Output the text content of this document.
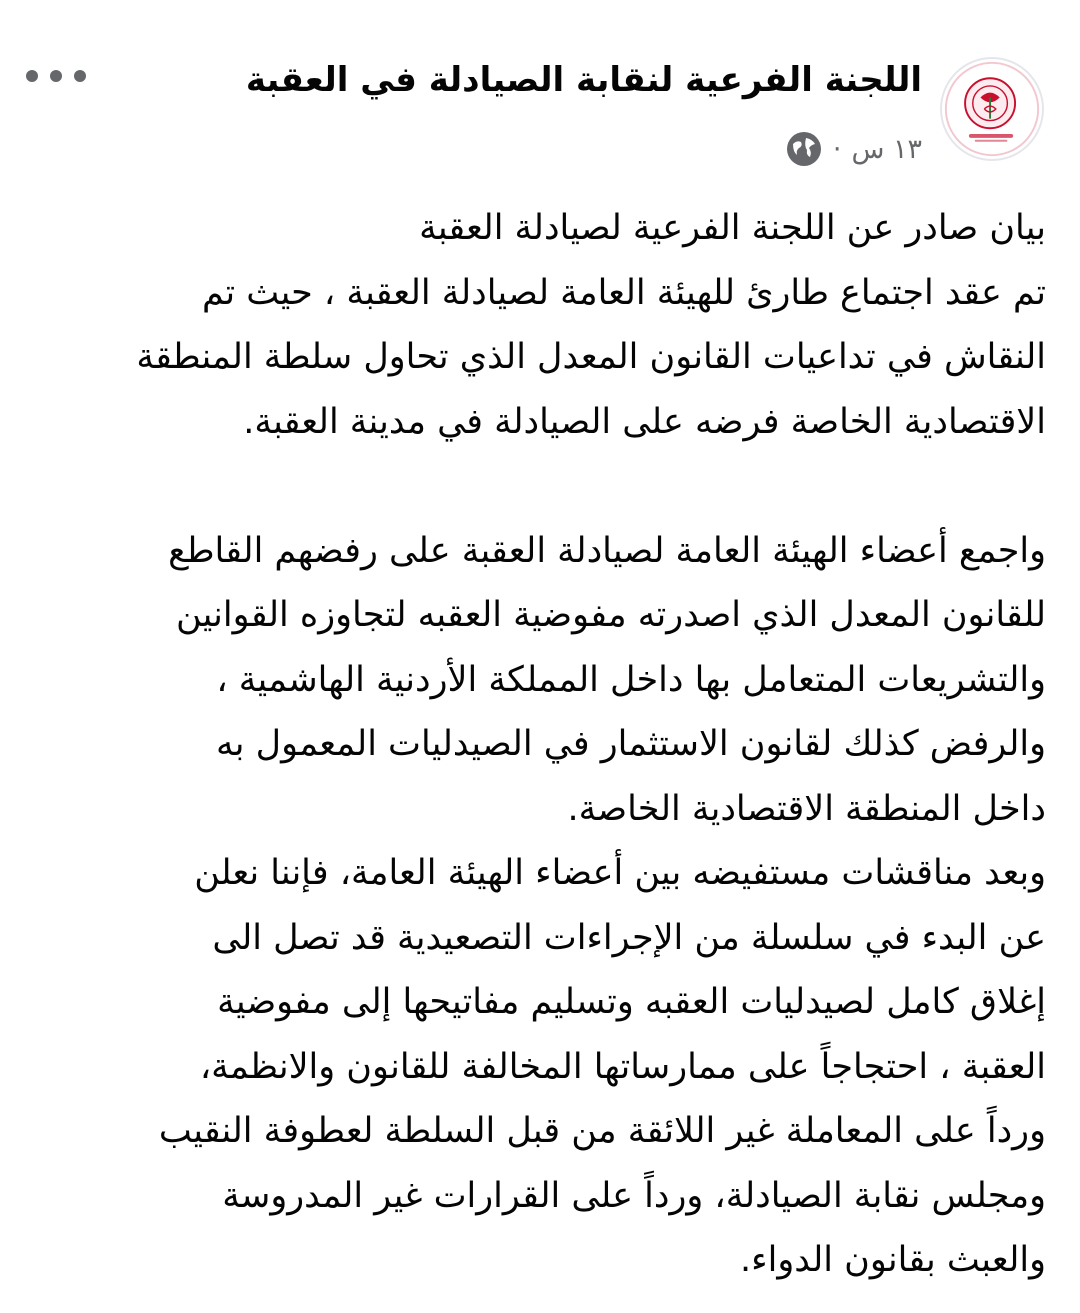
اللجنة الفرعية لنقابة الصيادلة في العقبة
١٣ س
·

بيان صادر عن اللجنة الفرعية لصيادلة العقبة

تم عقد اجتماع طارئ للهيئة العامة لصيادلة العقبة ، حيث تم

النقاش في تداعيات القانون المعدل الذي تحاول سلطة المنطقة

الاقتصادية الخاصة فرضه على الصيادلة في مدينة العقبة.

واجمع أعضاء الهيئة العامة لصيادلة العقبة على رفضهم القاطع

للقانون المعدل الذي اصدرته مفوضية العقبه لتجاوزه القوانين

والتشريعات المتعامل بها داخل المملكة الأردنية الهاشمية ،

والرفض كذلك لقانون الاستثمار في الصيدليات المعمول به

داخل المنطقة الاقتصادية الخاصة.

وبعد مناقشات مستفيضه بين أعضاء الهيئة العامة، فإننا نعلن

عن البدء في سلسلة من الإجراءات التصعيدية قد تصل الى

إغلاق كامل لصيدليات العقبه وتسليم مفاتيحها إلى مفوضية

العقبة ، احتجاجاً على ممارساتها المخالفة للقانون والانظمة،

ورداً على المعاملة غير اللائقة من قبل السلطة لعطوفة النقيب

ومجلس نقابة الصيادلة، ورداً على القرارات غير المدروسة

والعبث بقانون الدواء.
